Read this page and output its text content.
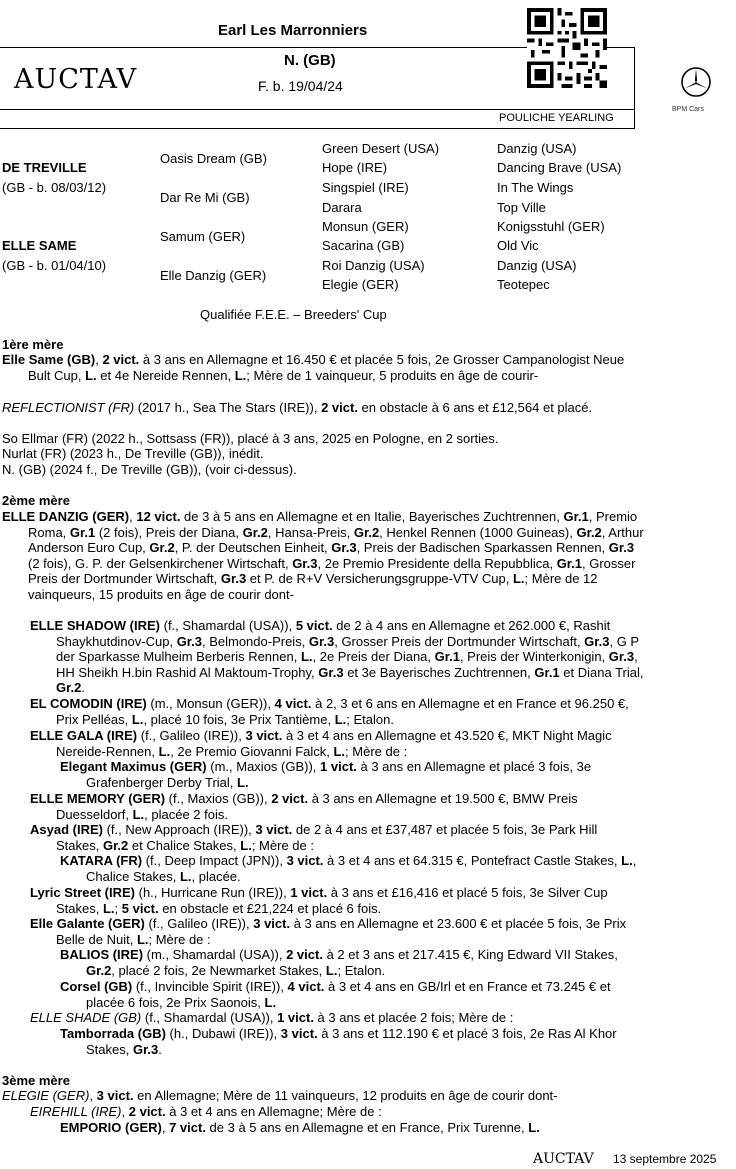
Earl Les Marronniers
N. (GB)
F. b. 19/04/24
AUCTAV
POULICHE YEARLING
BPM Cars
DE TREVILLE
(GB - b. 08/03/12)
ELLE SAME
(GB - b. 01/04/10)
Oasis Dream (GB)
Dar Re Mi (GB)
Samum (GER)
Elle Danzig (GER)
Green Desert (USA)
Hope (IRE)
Singspiel (IRE)
Darara
Monsun (GER)
Sacarina (GB)
Roi Danzig (USA)
Elegie (GER)
Danzig (USA)
Dancing Brave (USA)
In The Wings
Top Ville
Konigsstuhl (GER)
Old Vic
Danzig (USA)
Teotepec
Qualifiée F.E.E. – Breeders' Cup
1ère mère
Elle Same (GB), 2 vict. à 3 ans en Allemagne et 16.450 € et placée 5 fois, 2e Grosser Campanologist Neue Bult Cup, L. et 4e Nereide Rennen, L.; Mère de 1 vainqueur, 5 produits en âge de courir-
REFLECTIONIST (FR) (2017 h., Sea The Stars (IRE)), 2 vict. en obstacle à 6 ans et £12,564 et placé.
So Ellmar (FR) (2022 h., Sottsass (FR)), placé à 3 ans, 2025 en Pologne, en 2 sorties.
Nurlat (FR) (2023 h., De Treville (GB)), inédit.
N. (GB) (2024 f., De Treville (GB)), (voir ci-dessus).
2ème mère
ELLE DANZIG (GER), 12 vict. de 3 à 5 ans en Allemagne et en Italie, Bayerisches Zuchtrennen, Gr.1, Premio Roma, Gr.1 (2 fois), Preis der Diana, Gr.2, Hansa-Preis, Gr.2, Henkel Rennen (1000 Guineas), Gr.2, Arthur Anderson Euro Cup, Gr.2, P. der Deutschen Einheit, Gr.3, Preis der Badischen Sparkassen Rennen, Gr.3 (2 fois), G. P. der Gelsenkirchener Wirtschaft, Gr.3, 2e Premio Presidente della Repubblica, Gr.1, Grosser Preis der Dortmunder Wirtschaft, Gr.3 et P. de R+V Versicherungsgruppe-VTV Cup, L.; Mère de 12 vainqueurs, 15 produits en âge de courir dont-
ELLE SHADOW (IRE) (f., Shamardal (USA)), 5 vict. de 2 à 4 ans en Allemagne et 262.000 €, Rashit Shaykhutdinov-Cup, Gr.3, Belmondo-Preis, Gr.3, Grosser Preis der Dortmunder Wirtschaft, Gr.3, G P der Sparkasse Mulheim Berberis Rennen, L., 2e Preis der Diana, Gr.1, Preis der Winterkonigin, Gr.3, HH Sheikh H.bin Rashid Al Maktoum-Trophy, Gr.3 et 3e Bayerisches Zuchtrennen, Gr.1 et Diana Trial, Gr.2.
EL COMODIN (IRE) (m., Monsun (GER)), 4 vict. à 2, 3 et 6 ans en Allemagne et en France et 96.250 €, Prix Pelléas, L., placé 10 fois, 3e Prix Tantième, L.; Etalon.
ELLE GALA (IRE) (f., Galileo (IRE)), 3 vict. à 3 et 4 ans en Allemagne et 43.520 €, MKT Night Magic Nereide-Rennen, L., 2e Premio Giovanni Falck, L.; Mère de :
Elegant Maximus (GER) (m., Maxios (GB)), 1 vict. à 3 ans en Allemagne et placé 3 fois, 3e Grafenberger Derby Trial, L.
ELLE MEMORY (GER) (f., Maxios (GB)), 2 vict. à 3 ans en Allemagne et 19.500 €, BMW Preis Duesseldorf, L., placée 2 fois.
Asyad (IRE) (f., New Approach (IRE)), 3 vict. de 2 à 4 ans et £37,487 et placée 5 fois, 3e Park Hill Stakes, Gr.2 et Chalice Stakes, L.; Mère de :
KATARA (FR) (f., Deep Impact (JPN)), 3 vict. à 3 et 4 ans et 64.315 €, Pontefract Castle Stakes, L., Chalice Stakes, L., placée.
Lyric Street (IRE) (h., Hurricane Run (IRE)), 1 vict. à 3 ans et £16,416 et placé 5 fois, 3e Silver Cup Stakes, L.; 5 vict. en obstacle et £21,224 et placé 6 fois.
Elle Galante (GER) (f., Galileo (IRE)), 3 vict. à 3 ans en Allemagne et 23.600 € et placée 5 fois, 3e Prix Belle de Nuit, L.; Mère de :
BALIOS (IRE) (m., Shamardal (USA)), 2 vict. à 2 et 3 ans et 217.415 €, King Edward VII Stakes, Gr.2, placé 2 fois, 2e Newmarket Stakes, L.; Etalon.
Corsel (GB) (f., Invincible Spirit (IRE)), 4 vict. à 3 et 4 ans en GB/Irl et en France et 73.245 € et placée 6 fois, 2e Prix Saonois, L.
ELLE SHADE (GB) (f., Shamardal (USA)), 1 vict. à 3 ans et placée 2 fois; Mère de :
Tamborrada (GB) (h., Dubawi (IRE)), 3 vict. à 3 ans et 112.190 € et placé 3 fois, 2e Ras Al Khor Stakes, Gr.3.
3ème mère
ELEGIE (GER), 3 vict. en Allemagne; Mère de 11 vainqueurs, 12 produits en âge de courir dont-
EIREHILL (IRE), 2 vict. à 3 et 4 ans en Allemagne; Mère de :
EMPORIO (GER), 7 vict. de 3 à 5 ans en Allemagne et en France, Prix Turenne, L.
AUCTAV 13 septembre 2025
